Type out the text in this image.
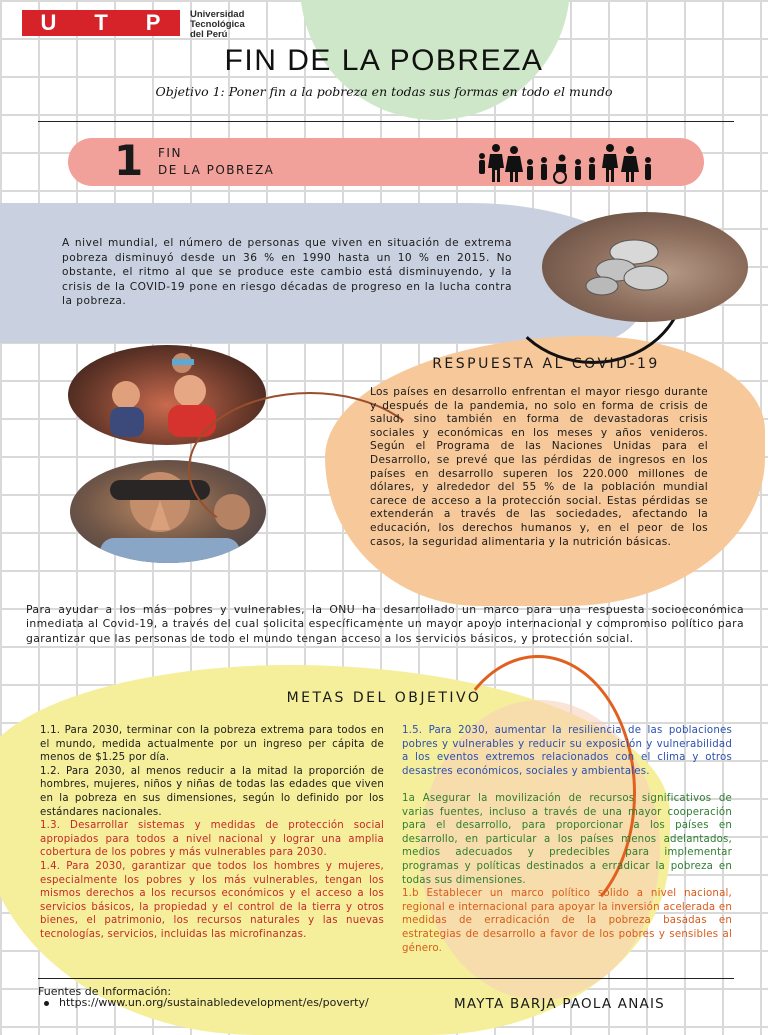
U T P	Universidad
Tecnológica
del Perú
FIN DE LA POBREZA
Objetivo 1: Poner fin a la pobreza en todas sus formas en todo el mundo
1 FIN
DE LA POBREZA
A nivel mundial, el número de personas que viven en situación de extrema pobreza disminuyó desde un 36 % en 1990 hasta un 10 % en 2015. No obstante, el ritmo al que se produce este cambio está disminuyendo, y la crisis de la COVID-19 pone en riesgo décadas de progreso en la lucha contra la pobreza.
RESPUESTA AL COVID-19
Los países en desarrollo enfrentan el mayor riesgo durante y después de la pandemia, no solo en forma de crisis de salud, sino también en forma de devastadoras crisis sociales y económicas en los meses y años venideros. Según el Programa de las Naciones Unidas para el Desarrollo, se prevé que las pérdidas de ingresos en los países en desarrollo superen los 220.000 millones de dólares, y alrededor del 55 % de la población mundial carece de acceso a la protección social. Estas pérdidas se extenderán a través de las sociedades, afectando la educación, los derechos humanos y, en el peor de los casos, la seguridad alimentaria y la nutrición básicas.
Para ayudar a los más pobres y vulnerables, la ONU ha desarrollado un marco para una respuesta socioeconómica inmediata al Covid-19, a través del cual solicita específicamente un mayor apoyo internacional y compromiso político para garantizar que las personas de todo el mundo tengan acceso a los servicios básicos, y protección social.
METAS DEL OBJETIVO

1.1. Para 2030, terminar con la pobreza extrema para todos en el mundo, medida actualmente por un ingreso per cápita de menos de $1.25 por día.

1.2. Para 2030, al menos reducir a la mitad la proporción de hombres, mujeres, niños y niñas de todas las edades que viven en la pobreza en sus dimensiones, según lo definido por los estándares nacionales.

1.3. Desarrollar sistemas y medidas de protección social apropiados para todos a nivel nacional y lograr una amplia cobertura de los pobres y más vulnerables para 2030.

1.4. Para 2030, garantizar que todos los hombres y mujeres, especialmente los pobres y los más vulnerables, tengan los mismos derechos a los recursos económicos y el acceso a los servicios básicos, la propiedad y el control de la tierra y otros bienes, el patrimonio, los recursos naturales y las nuevas tecnologías, servicios, incluidas las microfinanzas.

1.5. Para 2030, aumentar la resiliencia de las poblaciones pobres y vulnerables y reducir su exposición y vulnerabilidad a los eventos extremos relacionados con el clima y otros desastres económicos, sociales y ambientales.

1a Asegurar la movilización de recursos significativos de varias fuentes, incluso a través de una mayor cooperación para el desarrollo, para proporcionar a los países en desarrollo, en particular a los países menos adelantados, medios adecuados y predecibles para implementar programas y políticas destinados a erradicar la pobreza en todas sus dimensiones.

1.b Establecer un marco político sólido a nivel nacional, regional e internacional para apoyar la inversión acelerada en medidas de erradicación de la pobreza basadas en estrategias de desarrollo a favor de los pobres y sensibles al género.

Fuentes de Información:
https://www.un.org/sustainabledevelopment/es/poverty/	MAYTA BARJA PAOLA ANAIS
